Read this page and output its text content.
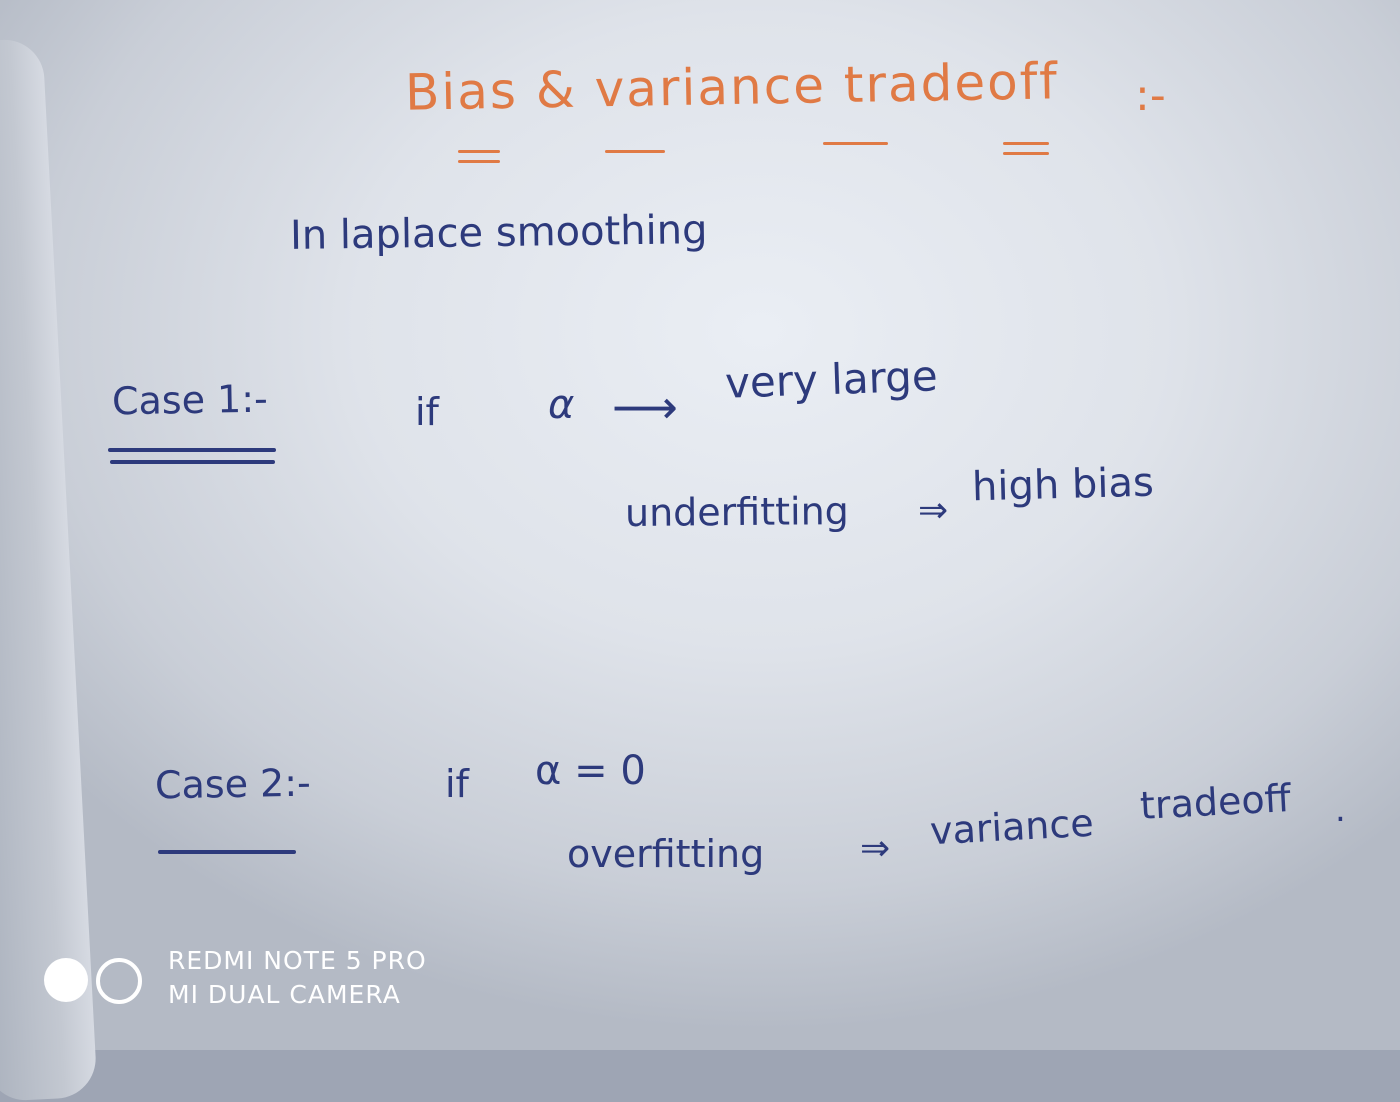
Bias & variance tradeoff :-
In laplace smoothing
Case 1:-	if	α ⟶ very large
underfitting ⇒
high bias
Case 2:-	if α = 0
overfitting	⇒ variance tradeoff .
REDMI NOTE 5 PRO
MI DUAL CAMERA
